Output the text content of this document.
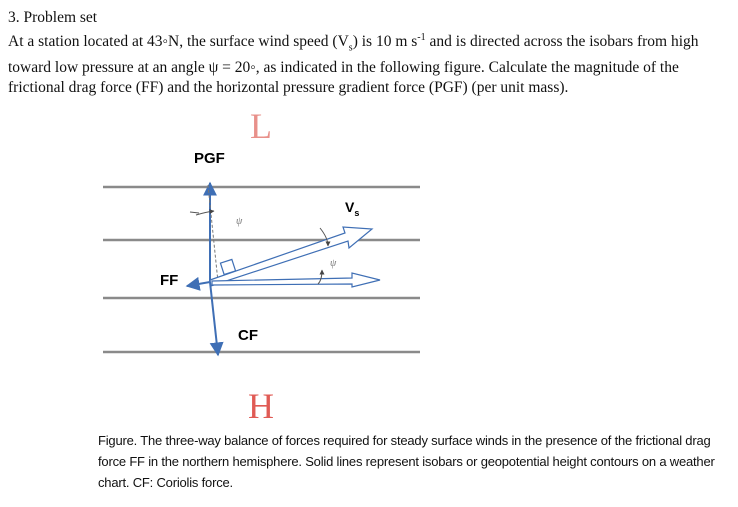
3. Problem set

At a station located at 43◦N, the surface wind speed $(V_s)$ is 10 m $s^{-1}$ and is directed across the isobars from high toward low pressure at an angle ψ = 20◦, as indicated in the following figure. Calculate the magnitude of the frictional drag force (FF) and the horizontal pressure gradient force (PGF) (per unit mass).

L
H
PGF
FF
CF
$V_s$
ψ
ψ

Figure. The three-way balance of forces required for steady surface winds in the presence of the frictional drag force FF in the northern hemisphere. Solid lines represent isobars or geopotential height contours on a weather chart. CF: Coriolis force.
